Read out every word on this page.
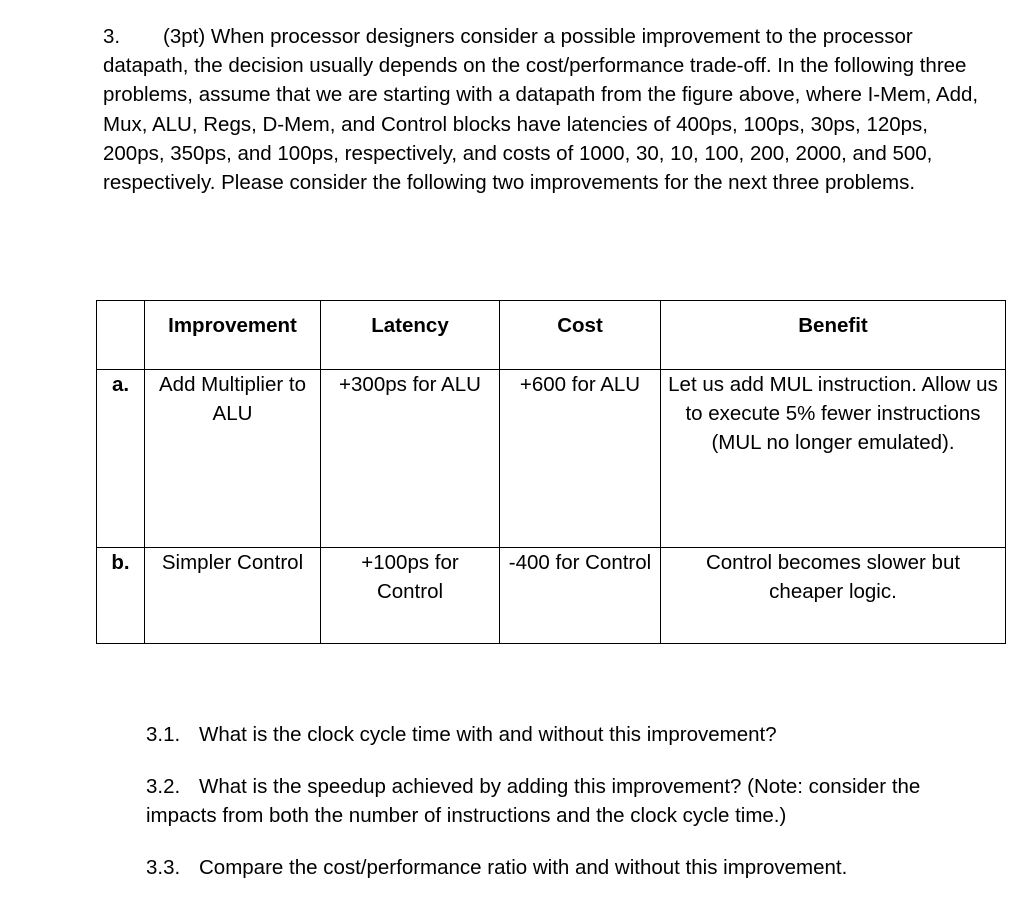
3. (3pt) When processor designers consider a possible improvement to the processor datapath, the decision usually depends on the cost/performance trade-off. In the following three problems, assume that we are starting with a datapath from the figure above, where I-Mem, Add, Mux, ALU, Regs, D-Mem, and Control blocks have latencies of 400ps, 100ps, 30ps, 120ps, 200ps, 350ps, and 100ps, respectively, and costs of 1000, 30, 10, 100, 200, 2000, and 500, respectively. Please consider the following two improvements for the next three problems.
	Improvement	Latency	Cost	Benefit
a.	Add Multiplier to ALU	+300ps for ALU	+600 for ALU	Let us add MUL instruction. Allow us to execute 5% fewer instructions (MUL no longer emulated).
b.	Simpler Control	+100ps for Control	-400 for Control	Control becomes slower but cheaper logic.

3.1. What is the clock cycle time with and without this improvement?

3.2. What is the speedup achieved by adding this improvement? (Note: consider the impacts from both the number of instructions and the clock cycle time.)

3.3. Compare the cost/performance ratio with and without this improvement.
